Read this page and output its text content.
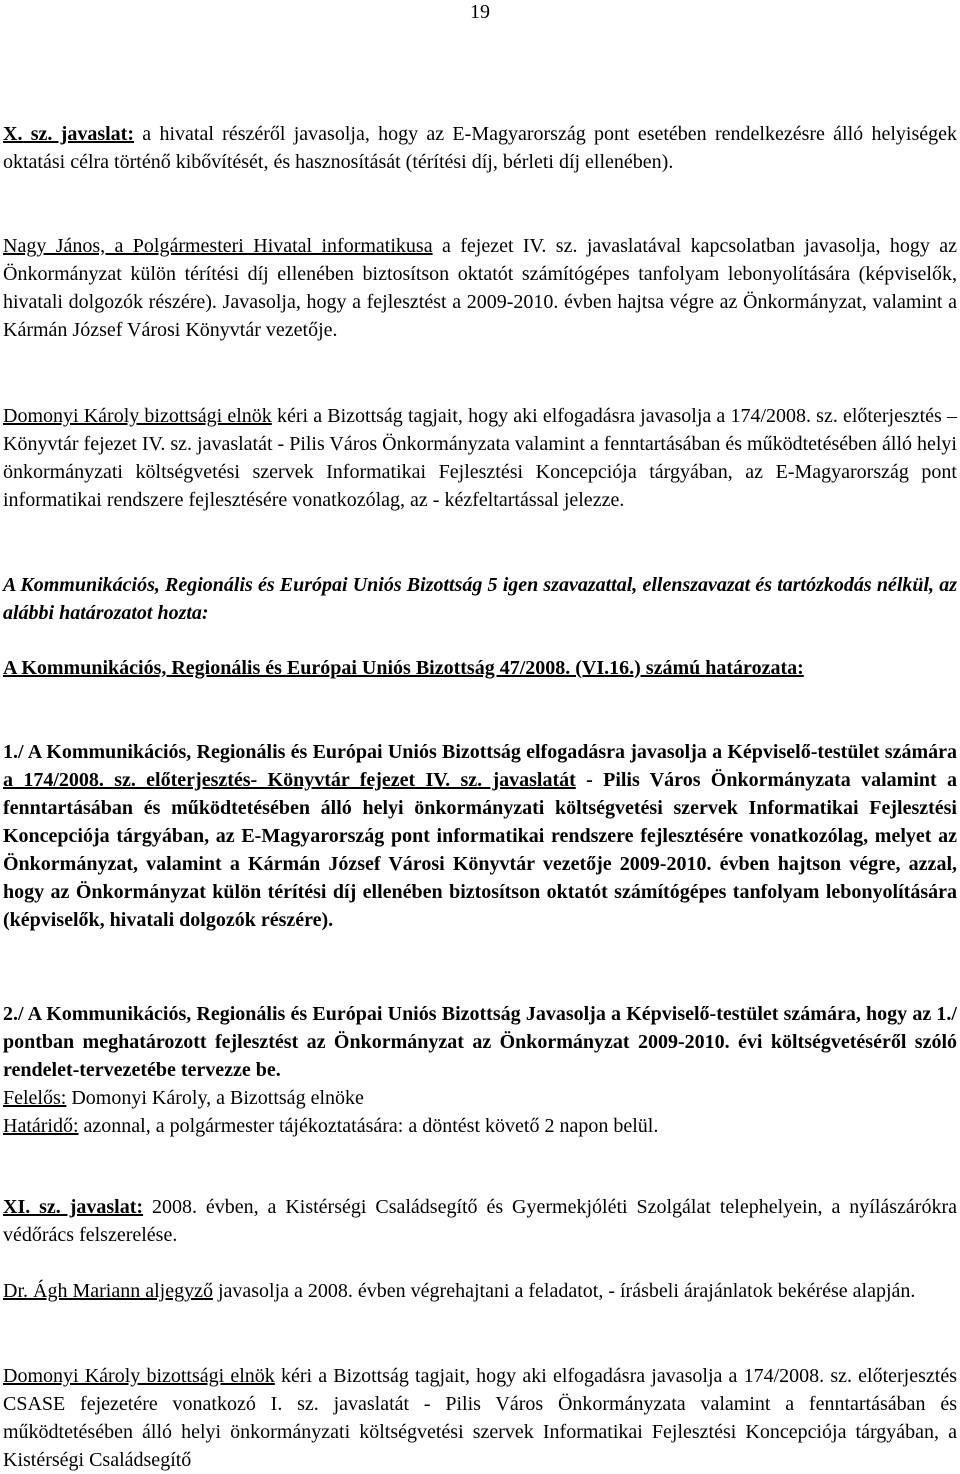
19

X. sz. javaslat: a hivatal részéről javasolja, hogy az E-Magyarország pont esetében rendelkezésre álló helyiségek oktatási célra történő kibővítését, és hasznosítását (térítési díj, bérleti díj ellenében).

Nagy János, a Polgármesteri Hivatal informatikusa a fejezet IV. sz. javaslatával kapcsolatban javasolja, hogy az Önkormányzat külön térítési díj ellenében biztosítson oktatót számítógépes tanfolyam lebonyolítására (képviselők, hivatali dolgozók részére). Javasolja, hogy a fejlesztést a 2009-2010. évben hajtsa végre az Önkormányzat, valamint a Kármán József Városi Könyvtár vezetője.

Domonyi Károly bizottsági elnök kéri a Bizottság tagjait, hogy aki elfogadásra javasolja a 174/2008. sz. előterjesztés – Könyvtár fejezet IV. sz. javaslatát - Pilis Város Önkormányzata valamint a fenntartásában és működtetésében álló helyi önkormányzati költségvetési szervek Informatikai Fejlesztési Koncepciója tárgyában, az E-Magyarország pont informatikai rendszere fejlesztésére vonatkozólag, az - kézfeltartással jelezze.

A Kommunikációs, Regionális és Európai Uniós Bizottság 5 igen szavazattal, ellenszavazat és tartózkodás nélkül, az alábbi határozatot hozta:

A Kommunikációs, Regionális és Európai Uniós Bizottság 47/2008. (VI.16.) számú határozata:

1./ A Kommunikációs, Regionális és Európai Uniós Bizottság elfogadásra javasolja a Képviselő-testület számára a 174/2008. sz. előterjesztés- Könyvtár fejezet IV. sz. javaslatát - Pilis Város Önkormányzata valamint a fenntartásában és működtetésében álló helyi önkormányzati költségvetési szervek Informatikai Fejlesztési Koncepciója tárgyában, az E-Magyarország pont informatikai rendszere fejlesztésére vonatkozólag, melyet az Önkormányzat, valamint a Kármán József Városi Könyvtár vezetője 2009-2010. évben hajtson végre, azzal, hogy az Önkormányzat külön térítési díj ellenében biztosítson oktatót számítógépes tanfolyam lebonyolítására (képviselők, hivatali dolgozók részére).

2./ A Kommunikációs, Regionális és Európai Uniós Bizottság Javasolja a Képviselő-testület számára, hogy az 1./ pontban meghatározott fejlesztést az Önkormányzat az Önkormányzat 2009-2010. évi költségvetéséről szóló rendelet-tervezetébe tervezze be.

Felelős: Domonyi Károly, a Bizottság elnöke
Határidő: azonnal, a polgármester tájékoztatására: a döntést követő 2 napon belül.

XI. sz. javaslat: 2008. évben, a Kistérségi Családsegítő és Gyermekjóléti Szolgálat telephelyein, a nyílászárókra védőrács felszerelése.

Dr. Ágh Mariann aljegyző javasolja a 2008. évben végrehajtani a feladatot, - írásbeli árajánlatok bekérése alapján.

Domonyi Károly bizottsági elnök kéri a Bizottság tagjait, hogy aki elfogadásra javasolja a 174/2008. sz. előterjesztés CSASE fejezetére vonatkozó I. sz. javaslatát - Pilis Város Önkormányzata valamint a fenntartásában és működtetésében álló helyi önkormányzati költségvetési szervek Informatikai Fejlesztési Koncepciója tárgyában, a Kistérségi Családsegítő
